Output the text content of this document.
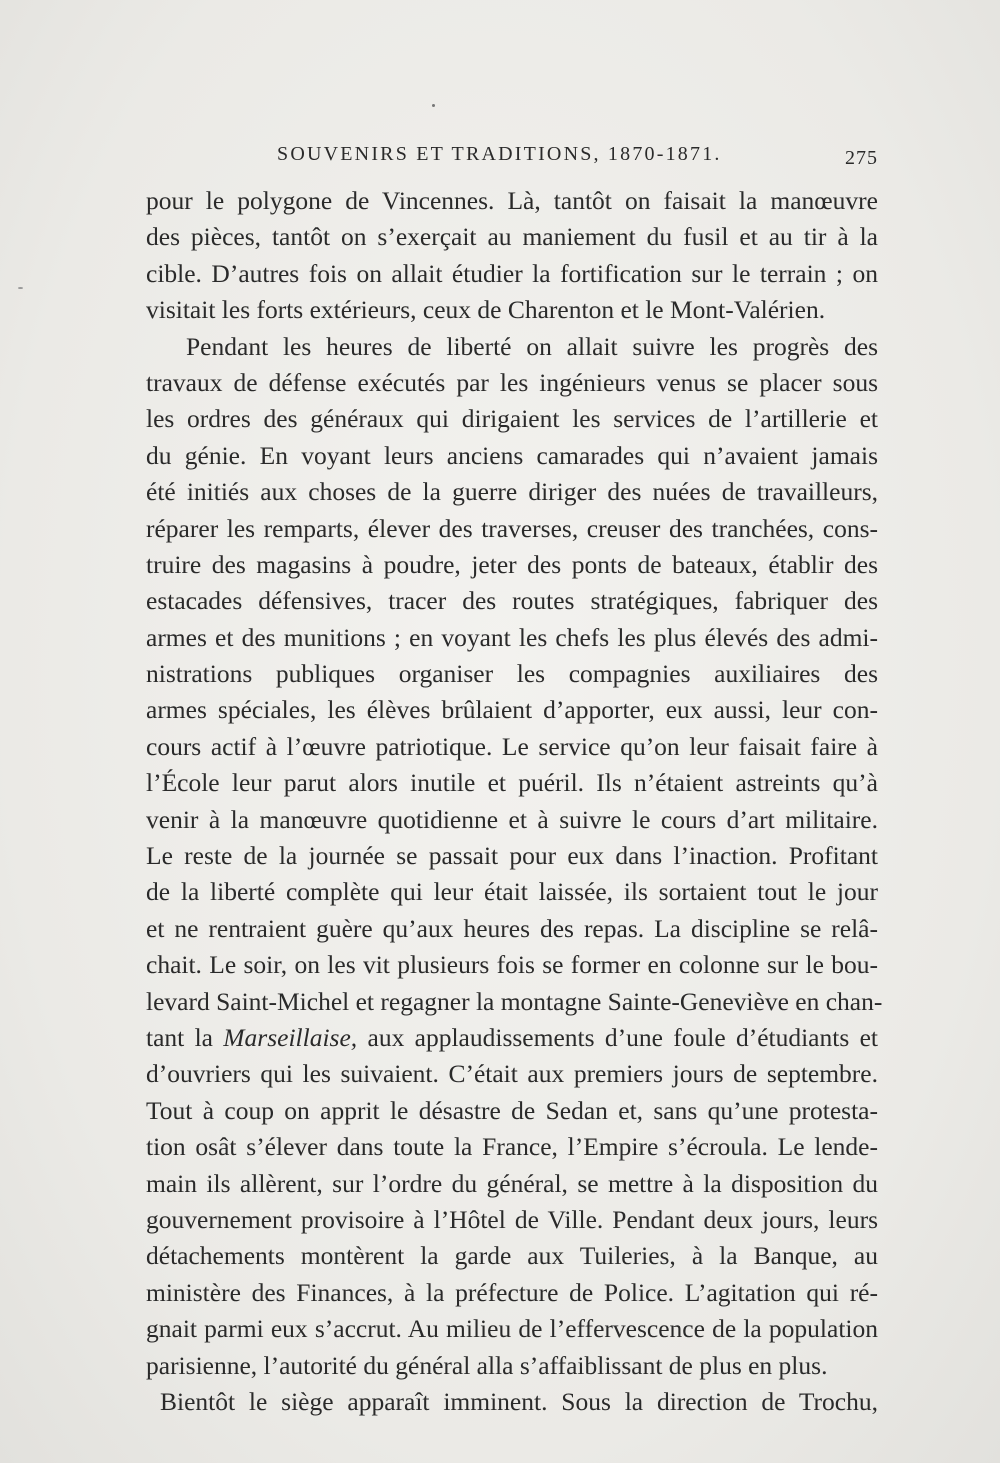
SOUVENIRS ET TRADITIONS, 1870-1871.	275
pour le polygone de Vincennes. Là, tantôt on faisait la manœuvre
des pièces, tantôt on s’exerçait au maniement du fusil et au tir à la
cible. D’autres fois on allait étudier la fortification sur le terrain ; on
visitait les forts extérieurs, ceux de Charenton et le Mont-Valérien.
Pendant les heures de liberté on allait suivre les progrès des
travaux de défense exécutés par les ingénieurs venus se placer sous
les ordres des généraux qui dirigaient les services de l’artillerie et
du génie. En voyant leurs anciens camarades qui n’avaient jamais
été initiés aux choses de la guerre diriger des nuées de travailleurs,
réparer les remparts, élever des traverses, creuser des tranchées, cons-
truire des magasins à poudre, jeter des ponts de bateaux, établir des
estacades défensives, tracer des routes stratégiques, fabriquer des
armes et des munitions ; en voyant les chefs les plus élevés des admi-
nistrations publiques organiser les compagnies auxiliaires des
armes spéciales, les élèves brûlaient d’apporter, eux aussi, leur con-
cours actif à l’œuvre patriotique. Le service qu’on leur faisait faire à
l’École leur parut alors inutile et puéril. Ils n’étaient astreints qu’à
venir à la manœuvre quotidienne et à suivre le cours d’art militaire.
Le reste de la journée se passait pour eux dans l’inaction. Profitant
de la liberté complète qui leur était laissée, ils sortaient tout le jour
et ne rentraient guère qu’aux heures des repas. La discipline se relâ-
chait. Le soir, on les vit plusieurs fois se former en colonne sur le bou-
levard Saint-Michel et regagner la montagne Sainte-Geneviève en chan-
tant la Marseillaise, aux applaudissements d’une foule d’étudiants et
d’ouvriers qui les suivaient. C’était aux premiers jours de septembre.
Tout à coup on apprit le désastre de Sedan et, sans qu’une protesta-
tion osât s’élever dans toute la France, l’Empire s’écroula. Le lende-
main ils allèrent, sur l’ordre du général, se mettre à la disposition du
gouvernement provisoire à l’Hôtel de Ville. Pendant deux jours, leurs
détachements montèrent la garde aux Tuileries, à la Banque, au
ministère des Finances, à la préfecture de Police. L’agitation qui ré-
gnait parmi eux s’accrut. Au milieu de l’effervescence de la population
parisienne, l’autorité du général alla s’affaiblissant de plus en plus.
Bientôt le siège apparaît imminent. Sous la direction de Trochu,
